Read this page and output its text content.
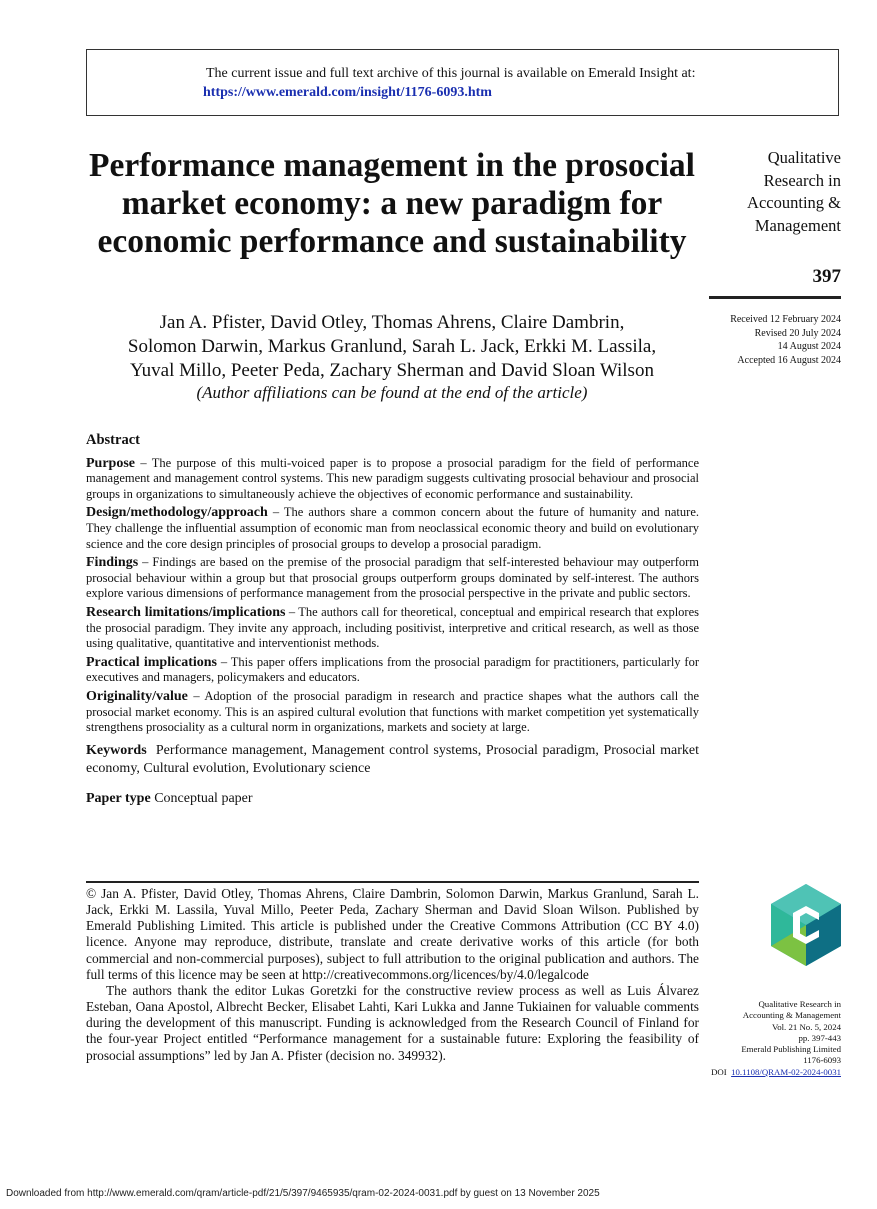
The current issue and full text archive of this journal is available on Emerald Insight at:
https://www.emerald.com/insight/1176-6093.htm
Performance management in the prosocial market economy: a new paradigm for economic performance and sustainability
Jan A. Pfister, David Otley, Thomas Ahrens, Claire Dambrin,
Solomon Darwin, Markus Granlund, Sarah L. Jack, Erkki M. Lassila,
Yuval Millo, Peeter Peda, Zachary Sherman and David Sloan Wilson
(Author affiliations can be found at the end of the article)
Qualitative
Research in
Accounting &
Management
397
Received 12 February 2024
Revised 20 July 2024
14 August 2024
Accepted 16 August 2024
Abstract

Purpose – The purpose of this multi-voiced paper is to propose a prosocial paradigm for the field of performance management and management control systems. This new paradigm suggests cultivating prosocial behaviour and prosocial groups in organizations to simultaneously achieve the objectives of economic performance and sustainability.

Design/methodology/approach – The authors share a common concern about the future of humanity and nature. They challenge the influential assumption of economic man from neoclassical economic theory and build on evolutionary science and the core design principles of prosocial groups to develop a prosocial paradigm.

Findings – Findings are based on the premise of the prosocial paradigm that self-interested behaviour may outperform prosocial behaviour within a group but that prosocial groups outperform groups dominated by self-interest. The authors explore various dimensions of performance management from the prosocial perspective in the private and public sectors.

Research limitations/implications – The authors call for theoretical, conceptual and empirical research that explores the prosocial paradigm. They invite any approach, including positivist, interpretive and critical research, as well as those using qualitative, quantitative and interventionist methods.

Practical implications – This paper offers implications from the prosocial paradigm for practitioners, particularly for executives and managers, policymakers and educators.

Originality/value – Adoption of the prosocial paradigm in research and practice shapes what the authors call the prosocial market economy. This is an aspired cultural evolution that functions with market competition yet systematically strengthens prosociality as a cultural norm in organizations, markets and society at large.

Keywords Performance management, Management control systems, Prosocial paradigm, Prosocial market economy, Cultural evolution, Evolutionary science

Paper type Conceptual paper

© Jan A. Pfister, David Otley, Thomas Ahrens, Claire Dambrin, Solomon Darwin, Markus Granlund, Sarah L. Jack, Erkki M. Lassila, Yuval Millo, Peeter Peda, Zachary Sherman and David Sloan Wilson. Published by Emerald Publishing Limited. This article is published under the Creative Commons Attribution (CC BY 4.0) licence. Anyone may reproduce, distribute, translate and create derivative works of this article (for both commercial and non-commercial purposes), subject to full attribution to the original publication and authors. The full terms of this licence may be seen at http://creativecommons.org/licences/by/4.0/legalcode

The authors thank the editor Lukas Goretzki for the constructive review process as well as Luis Álvarez Esteban, Oana Apostol, Albrecht Becker, Elisabet Lahti, Kari Lukka and Janne Tukiainen for valuable comments during the development of this manuscript. Funding is acknowledged from the Research Council of Finland for the four-year Project entitled “Performance management for a sustainable future: Exploring the feasibility of prosocial assumptions” led by Jan A. Pfister (decision no. 349932).

Qualitative Research in
Accounting & Management
Vol. 21 No. 5, 2024
pp. 397-443
Emerald Publishing Limited
1176-6093
DOI 10.1108/QRAM-02-2024-0031
Downloaded from http://www.emerald.com/qram/article-pdf/21/5/397/9465935/qram-02-2024-0031.pdf by guest on 13 November 2025
